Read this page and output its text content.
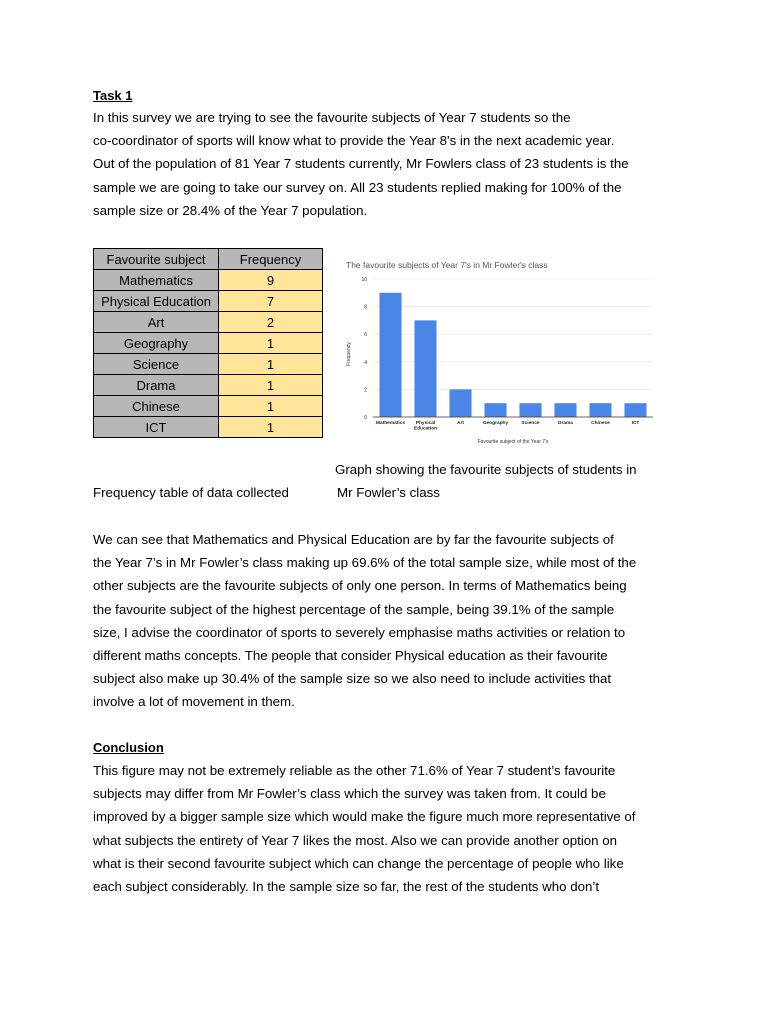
Task 1
In this survey we are trying to see the favourite subjects of Year 7 students so the
co-coordinator of sports will know what to provide the Year 8's in the next academic year.
Out of the population of 81 Year 7 students currently, Mr Fowlers class of 23 students is the
sample we are going to take our survey on. All 23 students replied making for 100% of the
sample size or 28.4% of the Year 7 population.
Favourite subject	Frequency
Mathematics	9
Physical Education	7
Art	2
Geography	1
Science	1
Drama	1
Chinese	1
ICT	1
The favourite subjects of Year 7's in Mr Fowler's class
0
2
4
6
8
10
Mathematics Physical
Education
Art	Geography	Science	Drama	Chinese	ICT
Frequency
Favourite subject of the Year 7's
Graph showing the favourite subjects of students in
Frequency table of data collected	Mr Fowler’s class
We can see that Mathematics and Physical Education are by far the favourite subjects of
the Year 7’s in Mr Fowler’s class making up 69.6% of the total sample size, while most of the
other subjects are the favourite subjects of only one person. In terms of Mathematics being
the favourite subject of the highest percentage of the sample, being 39.1% of the sample
size, I advise the coordinator of sports to severely emphasise maths activities or relation to
different maths concepts. The people that consider Physical education as their favourite
subject also make up 30.4% of the sample size so we also need to include activities that
involve a lot of movement in them.
Conclusion
This figure may not be extremely reliable as the other 71.6% of Year 7 student’s favourite
subjects may differ from Mr Fowler’s class which the survey was taken from. It could be
improved by a bigger sample size which would make the figure much more representative of
what subjects the entirety of Year 7 likes the most. Also we can provide another option on
what is their second favourite subject which can change the percentage of people who like
each subject considerably. In the sample size so far, the rest of the students who don’t
